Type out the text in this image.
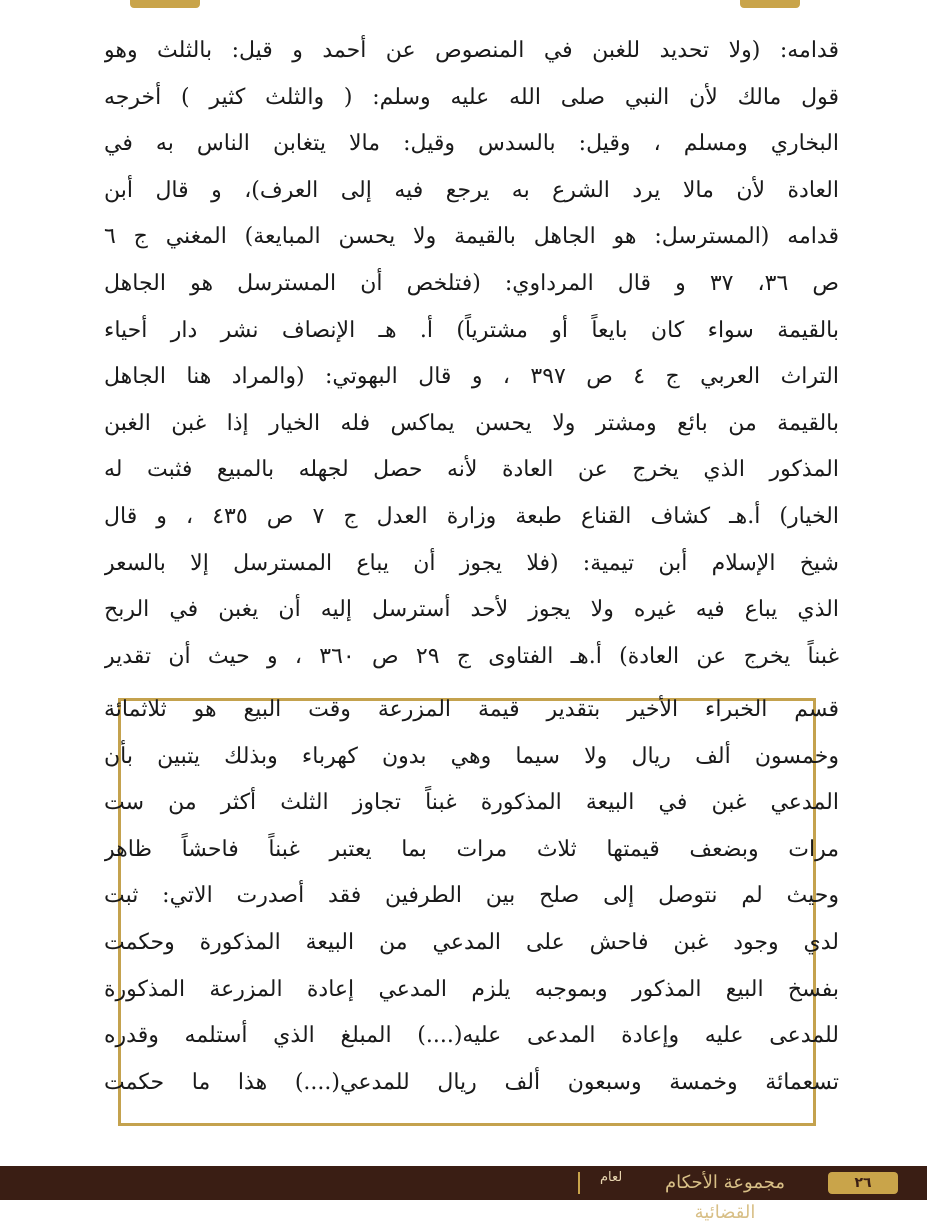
قدامه: (ولا تحديد للغبن في المنصوص عن أحمد و قيل: بالثلث وهو
قول مالك لأن النبي صلى الله عليه وسلم: ( والثلث كثير ) أخرجه
البخاري ومسلم ، وقيل: بالسدس وقيل: مالا يتغابن الناس به في
العادة لأن مالا يرد الشرع به يرجع فيه إلى العرف)، و قال أبن
قدامه (المسترسل: هو الجاهل بالقيمة ولا يحسن المبايعة) المغني ج ٦
ص ٣٦، ٣٧ و قال المرداوي: (فتلخص أن المسترسل هو الجاهل
بالقيمة سواء كان بايعاً أو مشترياً) أ. هـ الإنصاف نشر دار أحياء
التراث العربي ج ٤ ص ٣٩٧ ، و قال البهوتي: (والمراد هنا الجاهل
بالقيمة من بائع ومشتر ولا يحسن يماكس فله الخيار إذا غبن الغبن
المذكور الذي يخرج عن العادة لأنه حصل لجهله بالمبيع فثبت له
الخيار) أ.هـ كشاف القناع طبعة وزارة العدل ج ٧ ص ٤٣٥ ، و قال
شيخ الإسلام أبن تيمية: (فلا يجوز أن يباع المسترسل إلا بالسعر
الذي يباع فيه غيره ولا يجوز لأحد أسترسل إليه أن يغبن في الربح
غبناً يخرج عن العادة) أ.هـ الفتاوى ج ٢٩ ص ٣٦٠ ، و حيث أن تقدير
قسم الخبراء الأخير بتقدير قيمة المزرعة وقت البيع هو ثلاثمائة
وخمسون ألف ريال ولا سيما وهي بدون كهرباء وبذلك يتبين بأن
المدعي غبن في البيعة المذكورة غبناً تجاوز الثلث أكثر من ست
مرات وبضعف قيمتها ثلاث مرات بما يعتبر غبناً فاحشاً ظاهر
وحيث لم نتوصل إلى صلح بين الطرفين فقد أصدرت الاتي: ثبت
لدي وجود غبن فاحش على المدعي من البيعة المذكورة وحكمت
بفسخ البيع المذكور وبموجبه يلزم المدعي إعادة المزرعة المذكورة
للمدعى عليه وإعادة المدعى عليه(....) المبلغ الذي أستلمه وقدره
تسعمائة وخمسة وسبعون ألف ريال للمدعي(....) هذا ما حكمت
لعام	مجموعة الأحكام القضائية
٢٦
